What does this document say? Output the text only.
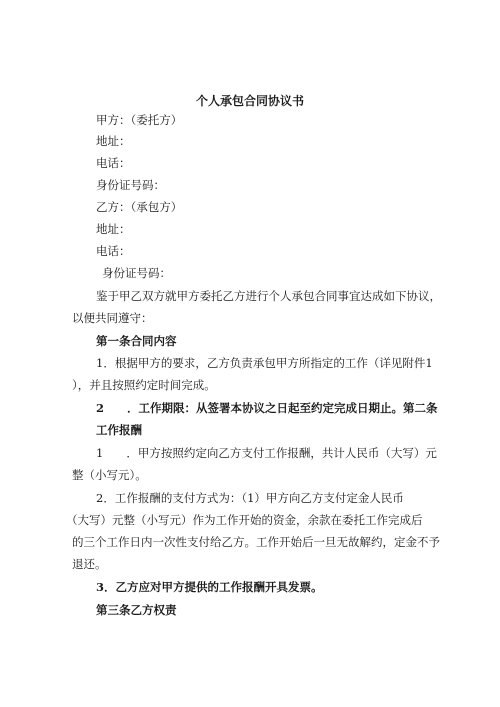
个人承包合同协议书
甲方：（委托方）
地址：
电话：
身份证号码：
乙方：（承包方）
地址：
电话：
身份证号码：
鉴于甲乙双方就甲方委托乙方进行个人承包合同事宜达成如下协议，
以便共同遵守：
第一条合同内容
1．根据甲方的要求，乙方负责承包甲方所指定的工作（详见附件1
），并且按照约定时间完成。
2　　．工作期限：从签署本协议之日起至约定完成日期止。第二条
工作报酬
1　　．甲方按照约定向乙方支付工作报酬，共计人民币（大写）元
整（小写元）。
2．工作报酬的支付方式为：（1）甲方向乙方支付定金人民币
（大写）元整（小写元）作为工作开始的资金，余款在委托工作完成后
的三个工作日内一次性支付给乙方。工作开始后一旦无故解约，定金不予
退还。
3．乙方应对甲方提供的工作报酬开具发票。
第三条乙方权责
